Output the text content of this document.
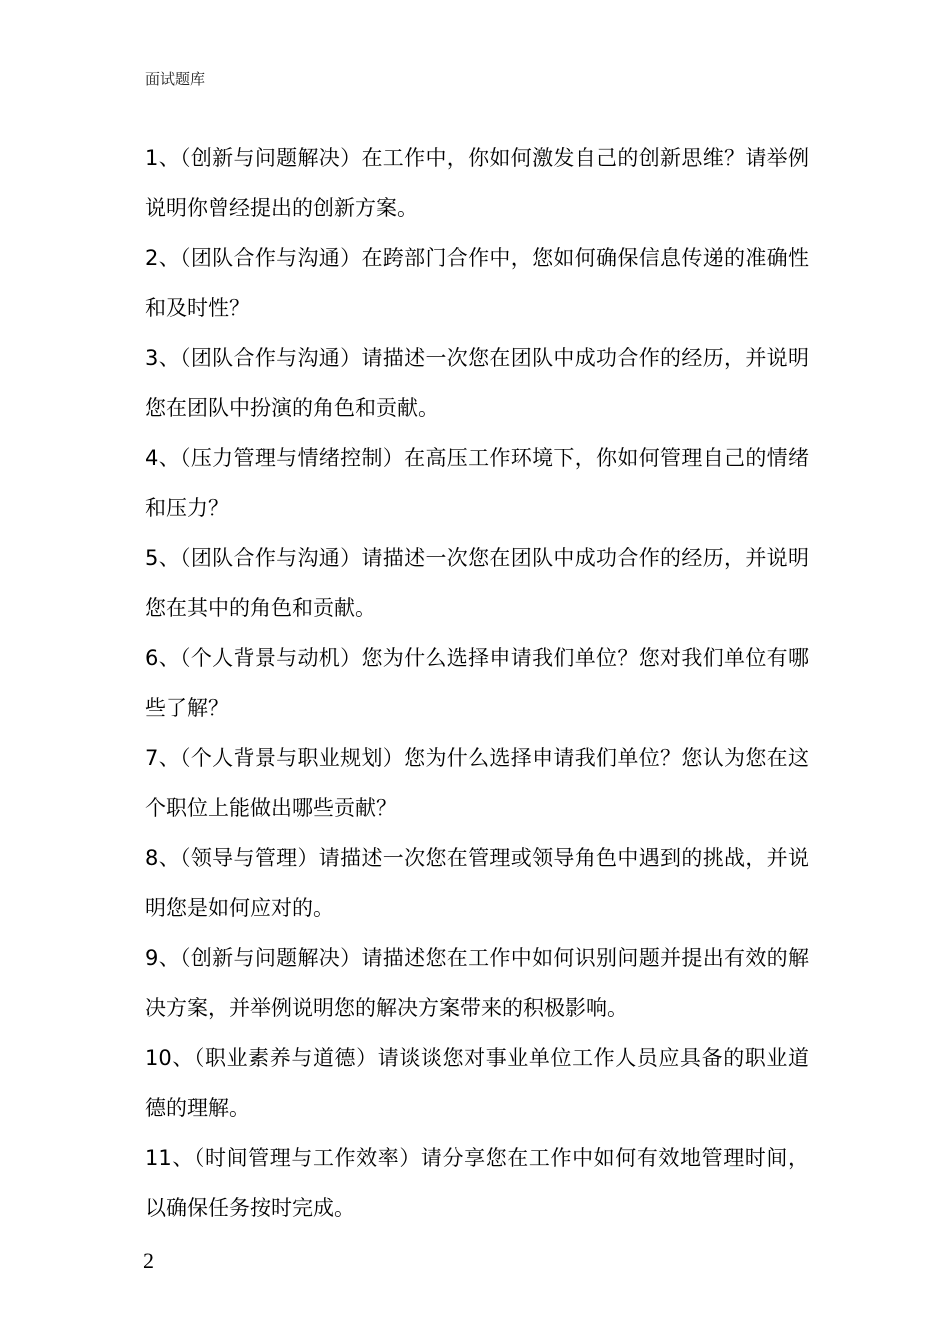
面试题库
1、（创新与问题解决）在工作中，你如何激发自己的创新思维？请举例说明你曾经提出的创新方案。
2、（团队合作与沟通）在跨部门合作中，您如何确保信息传递的准确性和及时性？
3、（团队合作与沟通）请描述一次您在团队中成功合作的经历，并说明您在团队中扮演的角色和贡献。
4、（压力管理与情绪控制）在高压工作环境下，你如何管理自己的情绪和压力？
5、（团队合作与沟通）请描述一次您在团队中成功合作的经历，并说明您在其中的角色和贡献。
6、（个人背景与动机）您为什么选择申请我们单位？您对我们单位有哪些了解？
7、（个人背景与职业规划）您为什么选择申请我们单位？您认为您在这个职位上能做出哪些贡献？
8、（领导与管理）请描述一次您在管理或领导角色中遇到的挑战，并说明您是如何应对的。
9、（创新与问题解决）请描述您在工作中如何识别问题并提出有效的解决方案，并举例说明您的解决方案带来的积极影响。
10、（职业素养与道德）请谈谈您对事业单位工作人员应具备的职业道德的理解。
11、（时间管理与工作效率）请分享您在工作中如何有效地管理时间，以确保任务按时完成。
2
